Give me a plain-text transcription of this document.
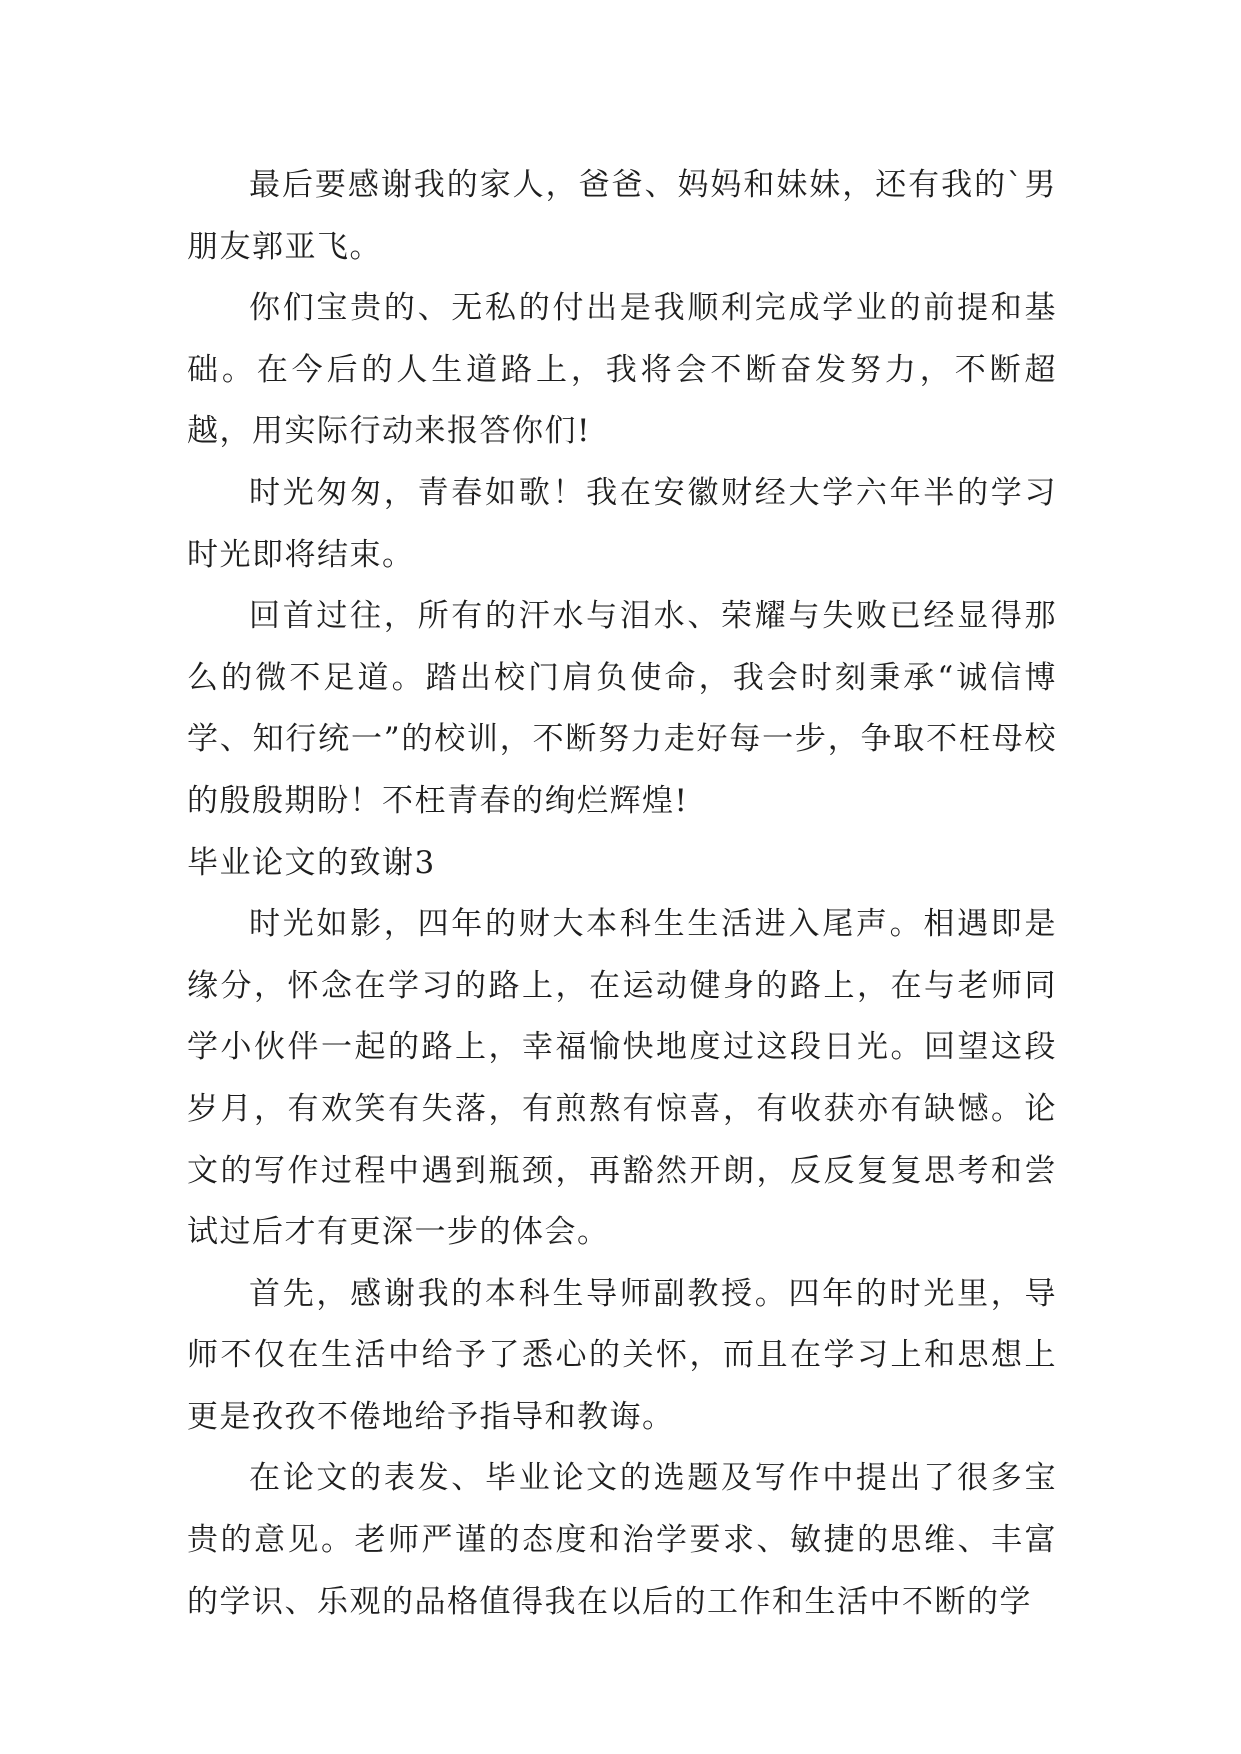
最后要感谢我的家人，爸爸、妈妈和妹妹，还有我的`男朋友郭亚飞。

你们宝贵的、无私的付出是我顺利完成学业的前提和基础。在今后的人生道路上，我将会不断奋发努力，不断超越，用实际行动来报答你们!

时光匆匆，青春如歌！我在安徽财经大学六年半的学习时光即将结束。

回首过往，所有的汗水与泪水、荣耀与失败已经显得那么的微不足道。踏出校门肩负使命，我会时刻秉承“诚信博学、知行统一”的校训，不断努力走好每一步，争取不枉母校的殷殷期盼！不枉青春的绚烂辉煌!

毕业论文的致谢3

时光如影，四年的财大本科生生活进入尾声。相遇即是缘分，怀念在学习的路上，在运动健身的路上，在与老师同学小伙伴一起的路上，幸福愉快地度过这段日光。回望这段岁月，有欢笑有失落，有煎熬有惊喜，有收获亦有缺憾。论文的写作过程中遇到瓶颈，再豁然开朗，反反复复思考和尝试过后才有更深一步的体会。

首先，感谢我的本科生导师副教授。四年的时光里，导师不仅在生活中给予了悉心的关怀，而且在学习上和思想上更是孜孜不倦地给予指导和教诲。

在论文的表发、毕业论文的选题及写作中提出了很多宝贵的意见。老师严谨的态度和治学要求、敏捷的思维、丰富的学识、乐观的品格值得我在以后的工作和生活中不断的学
